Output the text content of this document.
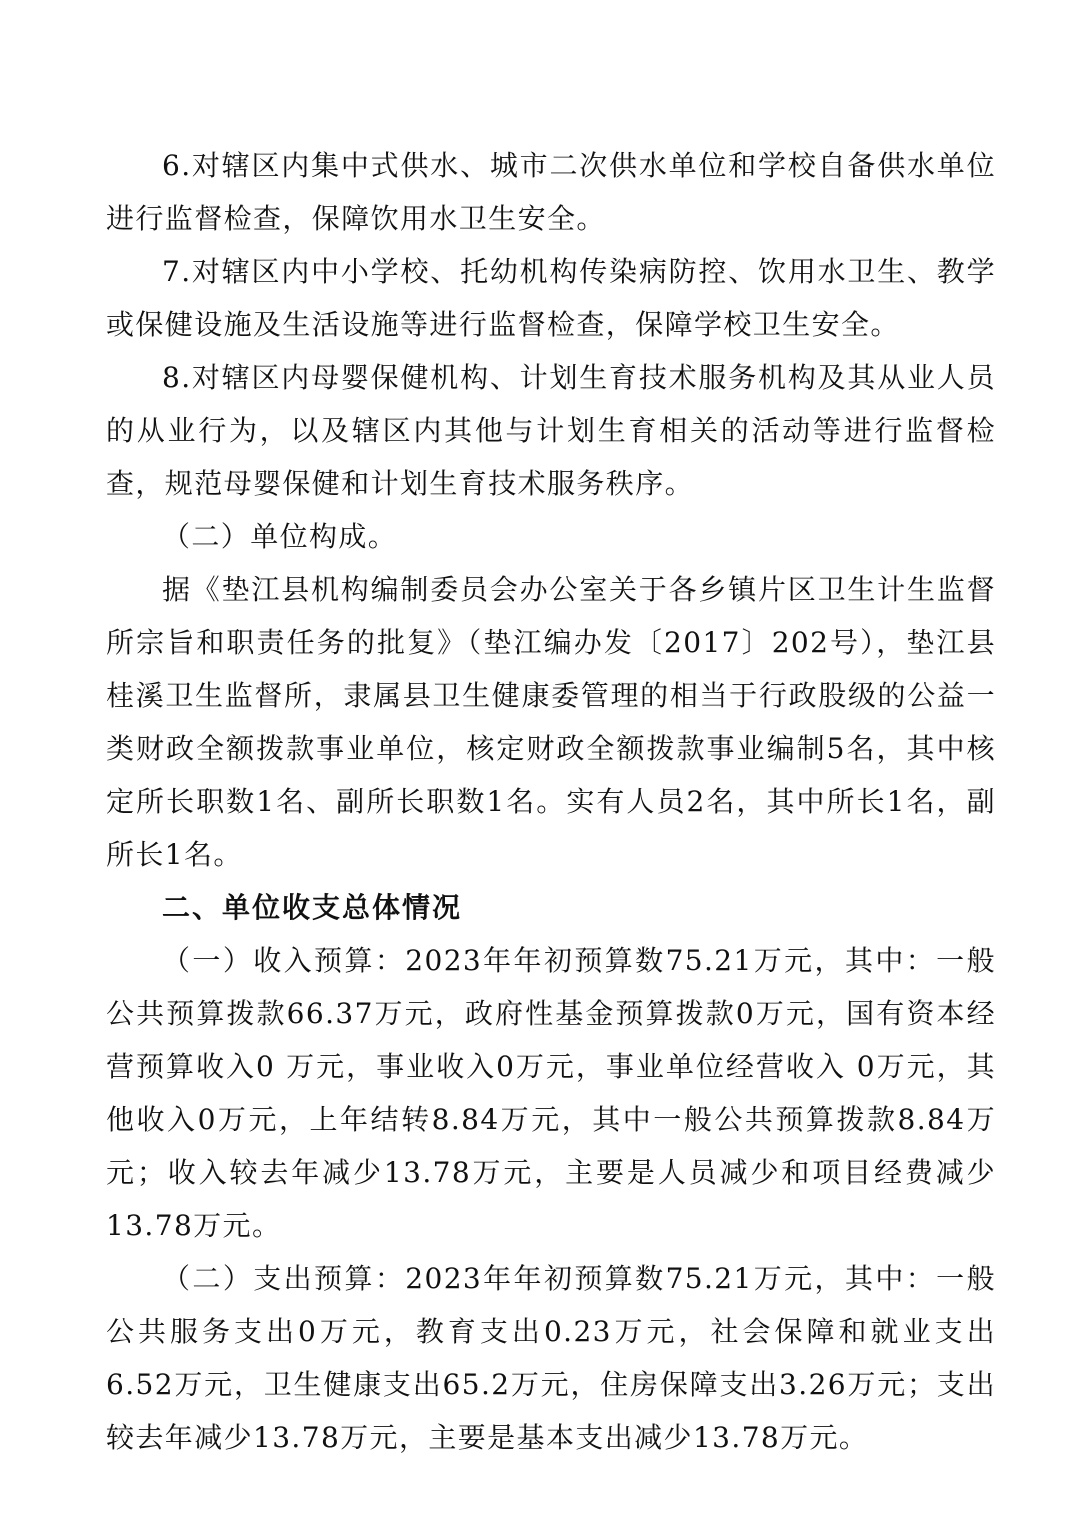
6.对辖区内集中式供水、城市二次供水单位和学校自备供水单位进行监督检查，保障饮用水卫生安全。

7.对辖区内中小学校、托幼机构传染病防控、饮用水卫生、教学或保健设施及生活设施等进行监督检查，保障学校卫生安全。

8.对辖区内母婴保健机构、计划生育技术服务机构及其从业人员的从业行为，以及辖区内其他与计划生育相关的活动等进行监督检查，规范母婴保健和计划生育技术服务秩序。

（二）单位构成。

据《垫江县机构编制委员会办公室关于各乡镇片区卫生计生监督所宗旨和职责任务的批复》（垫江编办发〔2017〕202号），垫江县桂溪卫生监督所，隶属县卫生健康委管理的相当于行政股级的公益一类财政全额拨款事业单位，核定财政全额拨款事业编制5名，其中核定所长职数1名、副所长职数1名。实有人员2名，其中所长1名，副所长1名。

二、单位收支总体情况

（一）收入预算：2023年年初预算数75.21万元，其中：一般公共预算拨款66.37万元，政府性基金预算拨款0万元，国有资本经营预算收入0 万元，事业收入0万元，事业单位经营收入 0万元，其他收入0万元，上年结转8.84万元，其中一般公共预算拨款8.84万元；收入较去年减少13.78万元，主要是人员减少和项目经费减少13.78万元。

（二）支出预算：2023年年初预算数75.21万元，其中：一般公共服务支出0万元，教育支出0.23万元，社会保障和就业支出6.52万元，卫生健康支出65.2万元，住房保障支出3.26万元；支出较去年减少13.78万元，主要是基本支出减少13.78万元。
